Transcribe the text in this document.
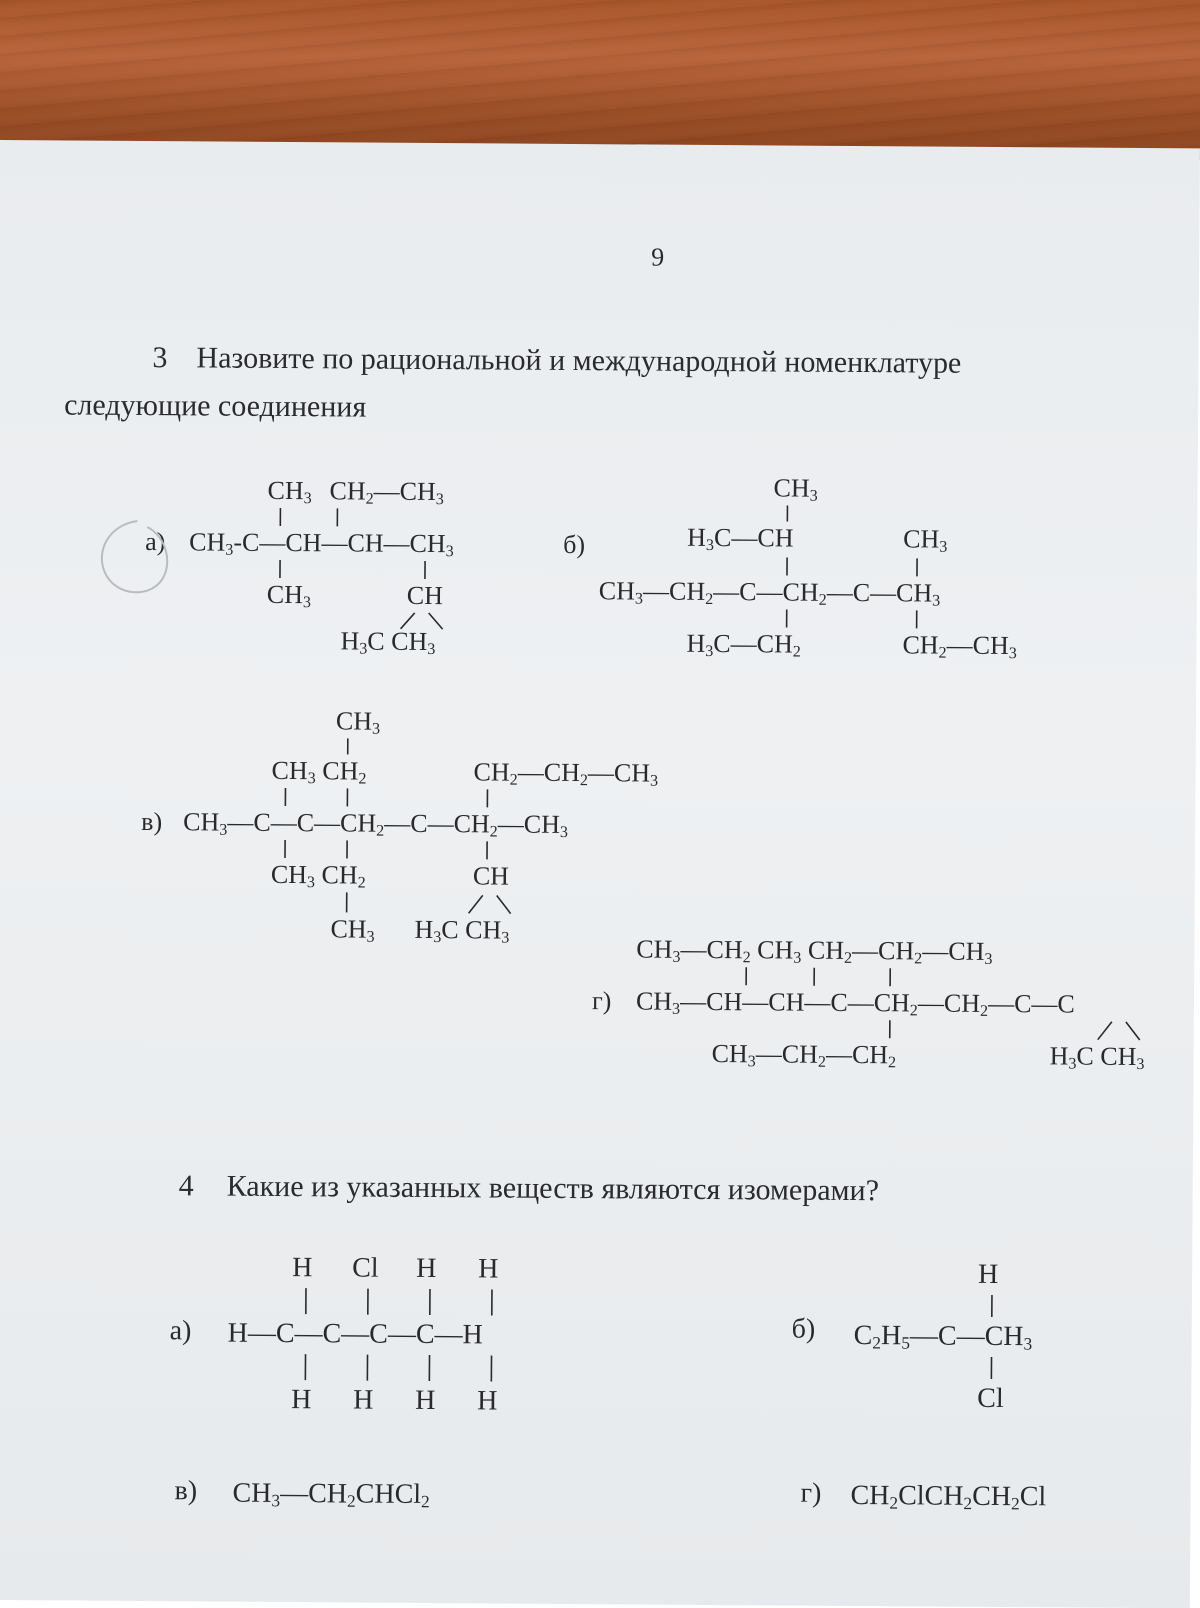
9
3 Назовите по рациональной и международной номенклатуре
следующие соединения
а)
$CH_3$ $CH_2—CH_3$
$CH_3-C—CH—CH—CH_3$
$CH_3$	CH
$H_3C$ $CH_3$
б)
$CH_3$
$H_3C—CH$	$CH_3$
$CH_3—CH_2—C—CH_2—C—CH_3$
$H_3C—CH_2$	$CH_2—CH_3$
в)
$CH_3$
$CH_3$ $CH_2$	$CH_2—CH_2—CH_3$
$CH_3—C—C—CH_2—C—CH_2—CH_3$
$CH_3$ $CH_2$	CH
$CH_3$ $H_3C$ $CH_3$
г)
$CH_3—CH_2$ $CH_3$ $CH_2—CH_2—CH_3$
$CH_3—CH—CH—C—CH_2—CH_2—C—C$
$CH_3—CH_2—CH_2$	$H_3C$ $CH_3$
4 Какие из указанных веществ являются изомерами?
а)
H Cl H H
H—C—C—C—C—H
H H H H
б)
H
$C_2H_5—C—CH_3$
Cl
в) $CH_3—CH_2CHCl_2$	г) $CH_2ClCH_2CH_2Cl$
